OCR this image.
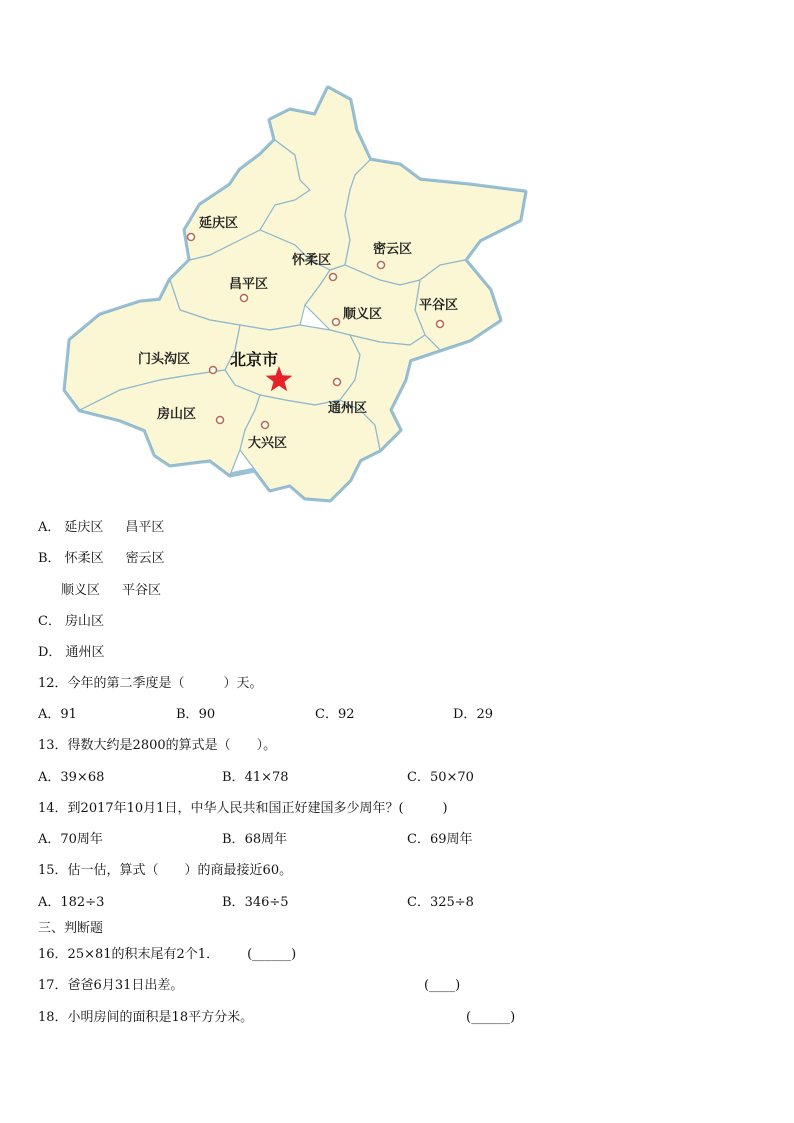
延庆区
怀柔区
密云区
昌平区
平谷区
顺义区
门头沟区
房山区	通州区
大兴区
北京市
A． 延庆区 昌平区
B． 怀柔区 密云区
顺义区 平谷区
C． 房山区
D． 通州区
12．今年的第二季度是（　　　）天。
A．91	B．90	C．92	D．29
13．得数大约是2800的算式是（　　）。
A．39×68	B．41×78	C．50×70
14．到2017年10月1日，中华人民共和国正好建国多少周年？(　　　)
A．70周年	B．68周年	C．69周年
15．估一估，算式（　　）的商最接近60。
A．182÷3	B．346÷5	C．325÷8
三、判断题
16．25×81的积末尾有2个1． (______)
17．爸爸6月31日出差。	(____)
18．小明房间的面积是18平方分米。	(______)
